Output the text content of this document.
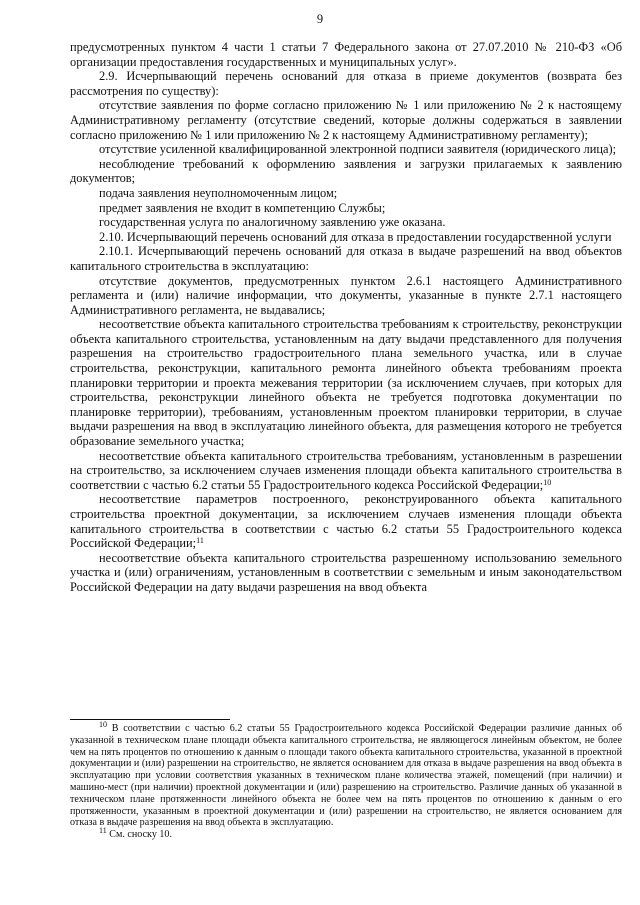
9

предусмотренных пунктом 4 части 1 статьи 7 Федерального закона от 27.07.2010 № 210-ФЗ «Об организации предоставления государственных и муниципальных услуг».

2.9. Исчерпывающий перечень оснований для отказа в приеме документов (возврата без рассмотрения по существу):

отсутствие заявления по форме согласно приложению № 1 или приложению № 2 к настоящему Административному регламенту (отсутствие сведений, которые должны содержаться в заявлении согласно приложению № 1 или приложению № 2 к настоящему Административному регламенту);

отсутствие усиленной квалифицированной электронной подписи заявителя (юридического лица);

несоблюдение требований к оформлению заявления и загрузки прилагаемых к заявлению документов;

подача заявления неуполномоченным лицом;

предмет заявления не входит в компетенцию Службы;

государственная услуга по аналогичному заявлению уже оказана.

2.10. Исчерпывающий перечень оснований для отказа в предоставлении государственной услуги

2.10.1. Исчерпывающий перечень оснований для отказа в выдаче разрешений на ввод объектов капитального строительства в эксплуатацию:

отсутствие документов, предусмотренных пунктом 2.6.1 настоящего Административного регламента и (или) наличие информации, что документы, указанные в пункте 2.7.1 настоящего Административного регламента, не выдавались;

несоответствие объекта капитального строительства требованиям к строительству, реконструкции объекта капитального строительства, установленным на дату выдачи представленного для получения разрешения на строительство градостроительного плана земельного участка, или в случае строительства, реконструкции, капитального ремонта линейного объекта требованиям проекта планировки территории и проекта межевания территории (за исключением случаев, при которых для строительства, реконструкции линейного объекта не требуется подготовка документации по планировке территории), требованиям, установленным проектом планировки территории, в случае выдачи разрешения на ввод в эксплуатацию линейного объекта, для размещения которого не требуется образование земельного участка;

несоответствие объекта капитального строительства требованиям, установленным в разрешении на строительство, за исключением случаев изменения площади объекта капитального строительства в соответствии с частью 6.2 статьи 55 Градостроительного кодекса Российской Федерации;$^{10}$

несоответствие параметров построенного, реконструированного объекта капитального строительства проектной документации, за исключением случаев изменения площади объекта капитального строительства в соответствии с частью 6.2 статьи 55 Градостроительного кодекса Российской Федерации;$^{11}$

несоответствие объекта капитального строительства разрешенному использованию земельного участка и (или) ограничениям, установленным в соответствии с земельным и иным законодательством Российской Федерации на дату выдачи разрешения на ввод объекта

$^{10}$ В соответствии с частью 6.2 статьи 55 Градостроительного кодекса Российской Федерации различие данных об указанной в техническом плане площади объекта капитального строительства, не являющегося линейным объектом, не более чем на пять процентов по отношению к данным о площади такого объекта капитального строительства, указанной в проектной документации и (или) разрешении на строительство, не является основанием для отказа в выдаче разрешения на ввод объекта в эксплуатацию при условии соответствия указанных в техническом плане количества этажей, помещений (при наличии) и машино-мест (при наличии) проектной документации и (или) разрешению на строительство. Различие данных об указанной в техническом плане протяженности линейного объекта не более чем на пять процентов по отношению к данным о его протяженности, указанным в проектной документации и (или) разрешении на строительство, не является основанием для отказа в выдаче разрешения на ввод объекта в эксплуатацию.

$^{11}$ См. сноску 10.
